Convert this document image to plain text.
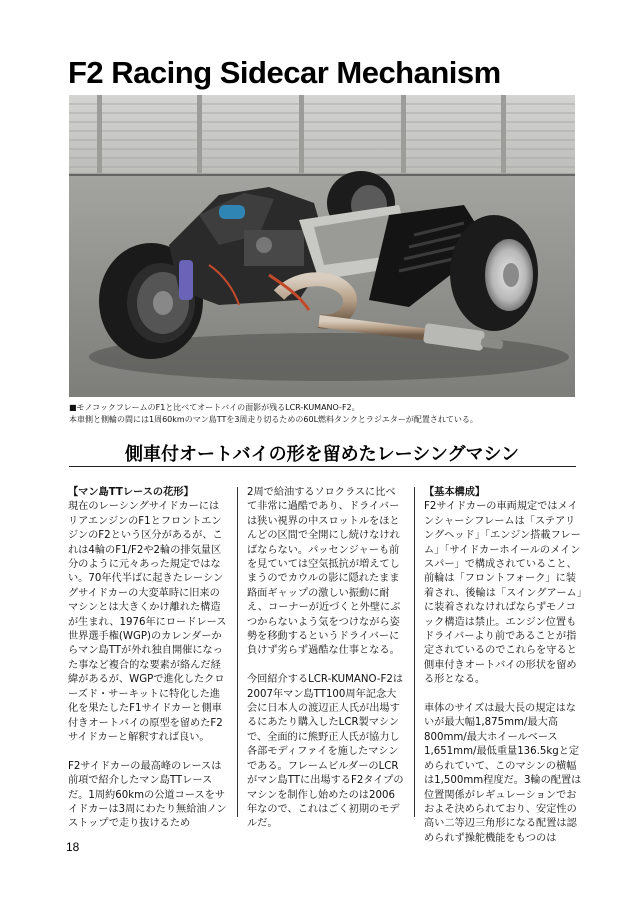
F2 Racing Sidecar Mechanism
■モノコックフレームのF1と比べてオートバイの面影が残るLCR-KUMANO-F2。
本車側と側輪の間には1周60kmのマン島TTを3周走り切るための60L燃料タンクとラジエターが配置されている。
側車付オートバイの形を留めたレーシングマシン
【マン島TTレースの花形】

現在のレーシングサイドカーにはリアエンジンのF1とフロントエンジンのF2という区分があるが、これは4輪のF1/F2や2輪の排気量区分のように元々あった規定ではない。70年代半ばに起きたレーシングサイドカーの大変革時に旧来のマシンとは大きくかけ離れた構造が生まれ、1976年にロードレース世界選手権(WGP)のカレンダーからマン島TTが外れ独自開催になった事など複合的な要素が絡んだ経緯があるが、WGPで進化したクローズド・サーキットに特化した進化を果たしたF1サイドカーと側車付きオートバイの原型を留めたF2サイドカーと解釈すれば良い。

F2サイドカーの最高峰のレースは前項で紹介したマン島TTレースだ。1周約60kmの公道コースをサイドカーは3周にわたり無給油ノンストップで走り抜けるため

2周で給油するソロクラスに比べて非常に過酷であり、ドライバーは狭い視界の中スロットルをほとんどの区間で全開にし続けなければならない。パッセンジャーも前を見ていては空気抵抗が増えてしまうのでカウルの影に隠れたまま路面ギャップの激しい振動に耐え、コーナーが近づくと外壁にぶつからないよう気をつけながら姿勢を移動するというドライバーに負けず劣らず過酷な仕事となる。

今回紹介するLCR-KUMANO-F2は2007年マン島TT100周年記念大会に日本人の渡辺正人氏が出場するにあたり購入したLCR製マシンで、全面的に熊野正人氏が協力し各部モディファイを施したマシンである。フレームビルダーのLCRがマン島TTに出場するF2タイプのマシンを制作し始めたのは2006年なので、これはごく初期のモデルだ。

【基本構成】

F2サイドカーの車両規定ではメインシャーシフレームは「ステアリングヘッド」「エンジン搭載フレーム」「サイドカーホイールのメインスパー」で構成されていること、前輪は「フロントフォーク」に装着され、後輪は「スイングアーム」に装着されなければならずモノコック構造は禁止。エンジン位置もドライバーより前であることが指定されているのでこれらを守ると側車付きオートバイの形状を留める形となる。

車体のサイズは最大長の規定はないが最大幅1,875mm/最大高800mm/最大ホイールベース1,651mm/最低重量136.5kgと定められていて、このマシンの横幅は1,500mm程度だ。3輪の配置は位置関係がレギュレーションでおおよそ決められており、安定性の高い二等辺三角形になる配置は認められず操舵機能をもつのは

18
